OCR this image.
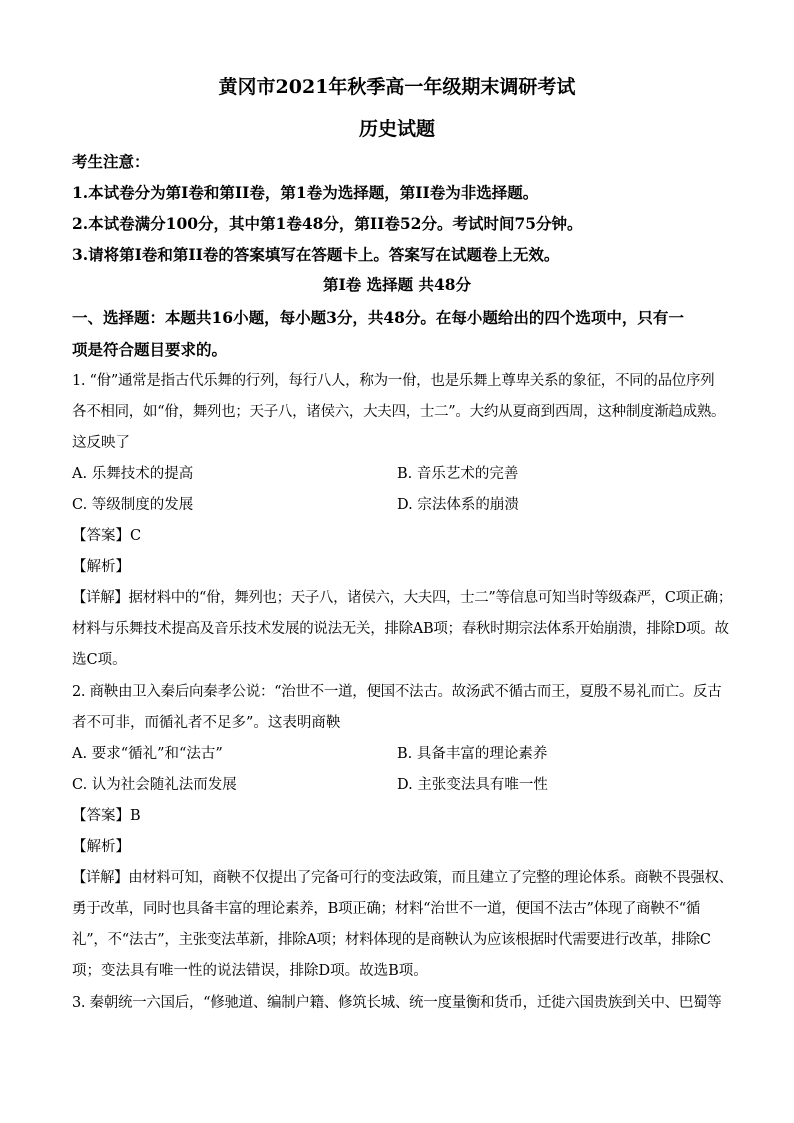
黄冈市2021年秋季高一年级期末调研考试
历史试题
考生注意：
1.本试卷分为第I卷和第II卷，第1卷为选择题，第II卷为非选择题。
2.本试卷满分100分，其中第1卷48分，第II卷52分。考试时间75分钟。
3.请将第I卷和第II卷的答案填写在答题卡上。答案写在试题卷上无效。
第I卷 选择题 共48分
一、选择题：本题共16小题，每小题3分，共48分。在每小题给出的四个选项中，只有一
项是符合题目要求的。
1. “佾”通常是指古代乐舞的行列，每行八人，称为一佾，也是乐舞上尊卑关系的象征，不同的品位序列
各不相同，如“佾，舞列也；天子八，诸侯六，大夫四，士二”。大约从夏商到西周，这种制度渐趋成熟。
这反映了
A. 乐舞技术的提高	B. 音乐艺术的完善
C. 等级制度的发展	D. 宗法体系的崩溃
【答案】C
【解析】
【详解】据材料中的“佾，舞列也；天子八，诸侯六，大夫四，士二”等信息可知当时等级森严，C项正确；
材料与乐舞技术提高及音乐技术发展的说法无关，排除AB项；春秋时期宗法体系开始崩溃，排除D项。故
选C项。
2. 商鞅由卫入秦后向秦孝公说：“治世不一道，便国不法古。故汤武不循古而王，夏殷不易礼而亡。反古
者不可非，而循礼者不足多”。这表明商鞅
A. 要求“循礼”和“法古”	B. 具备丰富的理论素养
C. 认为社会随礼法而发展	D. 主张变法具有唯一性
【答案】B
【解析】
【详解】由材料可知，商鞅不仅提出了完备可行的变法政策，而且建立了完整的理论体系。商鞅不畏强权、
勇于改革，同时也具备丰富的理论素养，B项正确；材料“治世不一道，便国不法古”体现了商鞅不“循
礼”，不“法古”，主张变法革新，排除A项；材料体现的是商鞅认为应该根据时代需要进行改革，排除C
项；变法具有唯一性的说法错误，排除D项。故选B项。
3. 秦朝统一六国后，“修驰道、编制户籍、修筑长城、统一度量衡和货币，迁徙六国贵族到关中、巴蜀等
